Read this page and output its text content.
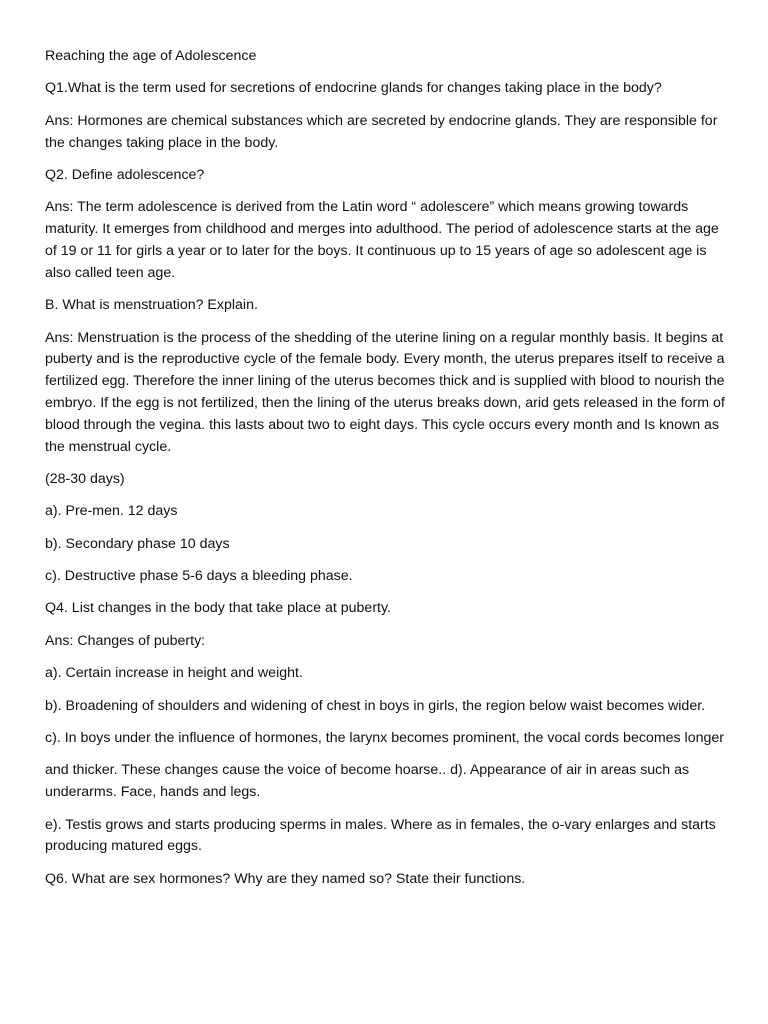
Reaching the age of Adolescence

Q1.What is the term used for secretions of endocrine glands for changes taking place in the body?

Ans: Hormones are chemical substances which are secreted by endocrine glands. They are responsible for the changes taking place in the body.

Q2. Define adolescence?

Ans: The term adolescence is derived from the Latin word “ adolescere” which means growing towards maturity. It emerges from childhood and merges into adulthood. The period of adolescence starts at the age of 19 or 11 for girls a year or to later for the boys. It continuous up to 15 years of age so adolescent age is also called teen age.

B. What is menstruation? Explain.

Ans: Menstruation is the process of the shedding of the uterine lining on a regular monthly basis. It begins at puberty and is the reproductive cycle of the female body. Every month, the uterus prepares itself to receive a fertilized egg. Therefore the inner lining of the uterus becomes thick and is supplied with blood to nourish the embryo. If the egg is not fertilized, then the lining of the uterus breaks down, arid gets released in the form of blood through the vegina. this lasts about two to eight days. This cycle occurs every month and Is known as the menstrual cycle.

(28-30 days)

a). Pre-men. 12 days

b). Secondary phase 10 days

c). Destructive phase 5-6 days a bleeding phase.

Q4. List changes in the body that take place at puberty.

Ans: Changes of puberty:

a). Certain increase in height and weight.

b). Broadening of shoulders and widening of chest in boys in girls, the region below waist becomes wider.

c). In boys under the influence of hormones, the larynx becomes prominent, the vocal cords becomes longer

and thicker. These changes cause the voice of become hoarse.. d). Appearance of air in areas such as underarms. Face, hands and legs.

e). Testis grows and starts producing sperms in males. Where as in females, the o-vary enlarges and starts producing matured eggs.

Q6. What are sex hormones? Why are they named so? State their functions.
